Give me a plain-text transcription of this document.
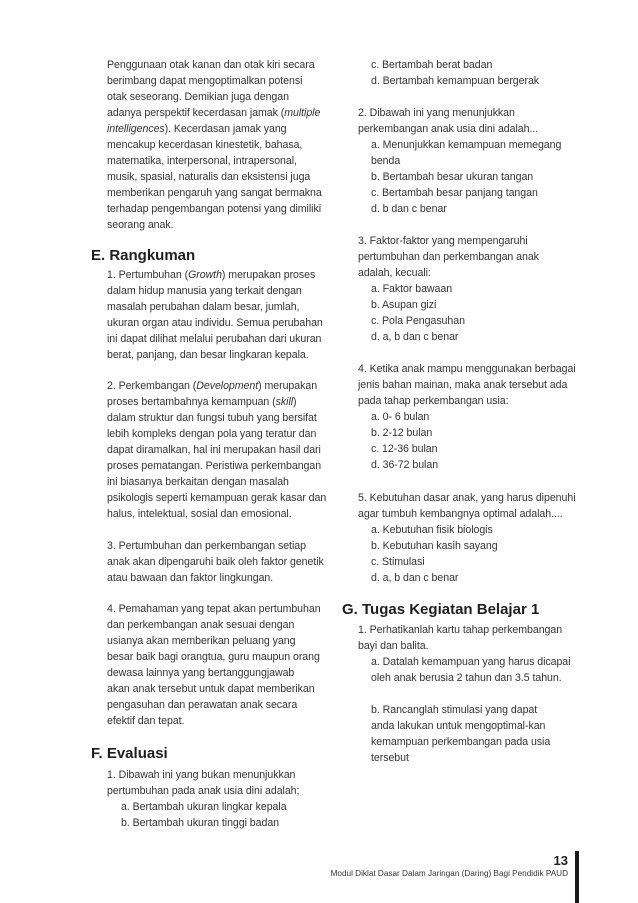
Penggunaan otak kanan dan otak kiri secara
berimbang dapat mengoptimalkan potensi
otak seseorang. Demikian juga dengan
adanya perspektif kecerdasan jamak (multiple
intelligences). Kecerdasan jamak yang
mencakup kecerdasan kinestetik, bahasa,
matematika, interpersonal, intrapersonal,
musik, spasial, naturalis dan eksistensi juga
memberikan pengaruh yang sangat bermakna
terhadap pengembangan potensi yang dimiliki
seorang anak.
E. Rangkuman
1. Pertumbuhan (Growth) merupakan proses
dalam hidup manusia yang terkait dengan
masalah perubahan dalam besar, jumlah,
ukuran organ atau individu. Semua perubahan
ini dapat dilihat melalui perubahan dari ukuran
berat, panjang, dan besar lingkaran kepala.
2. Perkembangan (Development) merupakan
proses bertambahnya kemampuan (skill)
dalam struktur dan fungsi tubuh yang bersifat
lebih kompleks dengan pola yang teratur dan
dapat diramalkan, hal ini merupakan hasil dari
proses pematangan. Peristiwa perkembangan
ini biasanya berkaitan dengan masalah
psikologis seperti kemampuan gerak kasar dan
halus, intelektual, sosial dan emosional.
3. Pertumbuhan dan perkembangan setiap
anak akan dipengaruhi baik oleh faktor genetik
atau bawaan dan faktor lingkungan.
4. Pemahaman yang tepat akan pertumbuhan
dan perkembangan anak sesuai dengan
usianya akan memberikan peluang yang
besar baik bagi orangtua, guru maupun orang
dewasa lainnya yang bertanggungjawab
akan anak tersebut untuk dapat memberikan
pengasuhan dan perawatan anak secara
efektif dan tepat.
F. Evaluasi
1. Dibawah ini yang bukan menunjukkan
pertumbuhan pada anak usia dini adalah;
a. Bertambah ukuran lingkar kepala
b. Bertambah ukuran tinggi badan
c. Bertambah berat badan
d. Bertambah kemampuan bergerak
2. Dibawah ini yang menunjukkan
perkembangan anak usia dini adalah...
a. Menunjukkan kemampuan memegang
benda
b. Bertambah besar ukuran tangan
c. Bertambah besar panjang tangan
d. b dan c benar
3. Faktor-faktor yang mempengaruhi
pertumbuhan dan perkembangan anak
adalah, kecuali:
a. Faktor bawaan
b. Asupan gizi
c. Pola Pengasuhan
d. a, b dan c benar
4. Ketika anak mampu menggunakan berbagai
jenis bahan mainan, maka anak tersebut ada
pada tahap perkembangan usia:
a. 0- 6 bulan
b. 2-12 bulan
c. 12-36 bulan
d. 36-72 bulan
5. Kebutuhan dasar anak, yang harus dipenuhi
agar tumbuh kembangnya optimal adalah....
a. Kebutuhan fisik biologis
b. Kebutuhan kasih sayang
c. Stimulasi
d. a, b dan c benar
G. Tugas Kegiatan Belajar 1
1. Perhatikanlah kartu tahap perkembangan
bayi dan balita.
a. Datalah kemampuan yang harus dicapai
oleh anak berusia 2 tahun dan 3.5 tahun.
b. Rancanglah stimulasi yang dapat
anda lakukan untuk mengoptimal-kan
kemampuan perkembangan pada usia
tersebut
13
Modul Diklat Dasar Dalam Jaringan (Daring) Bagi Pendidik PAUD
